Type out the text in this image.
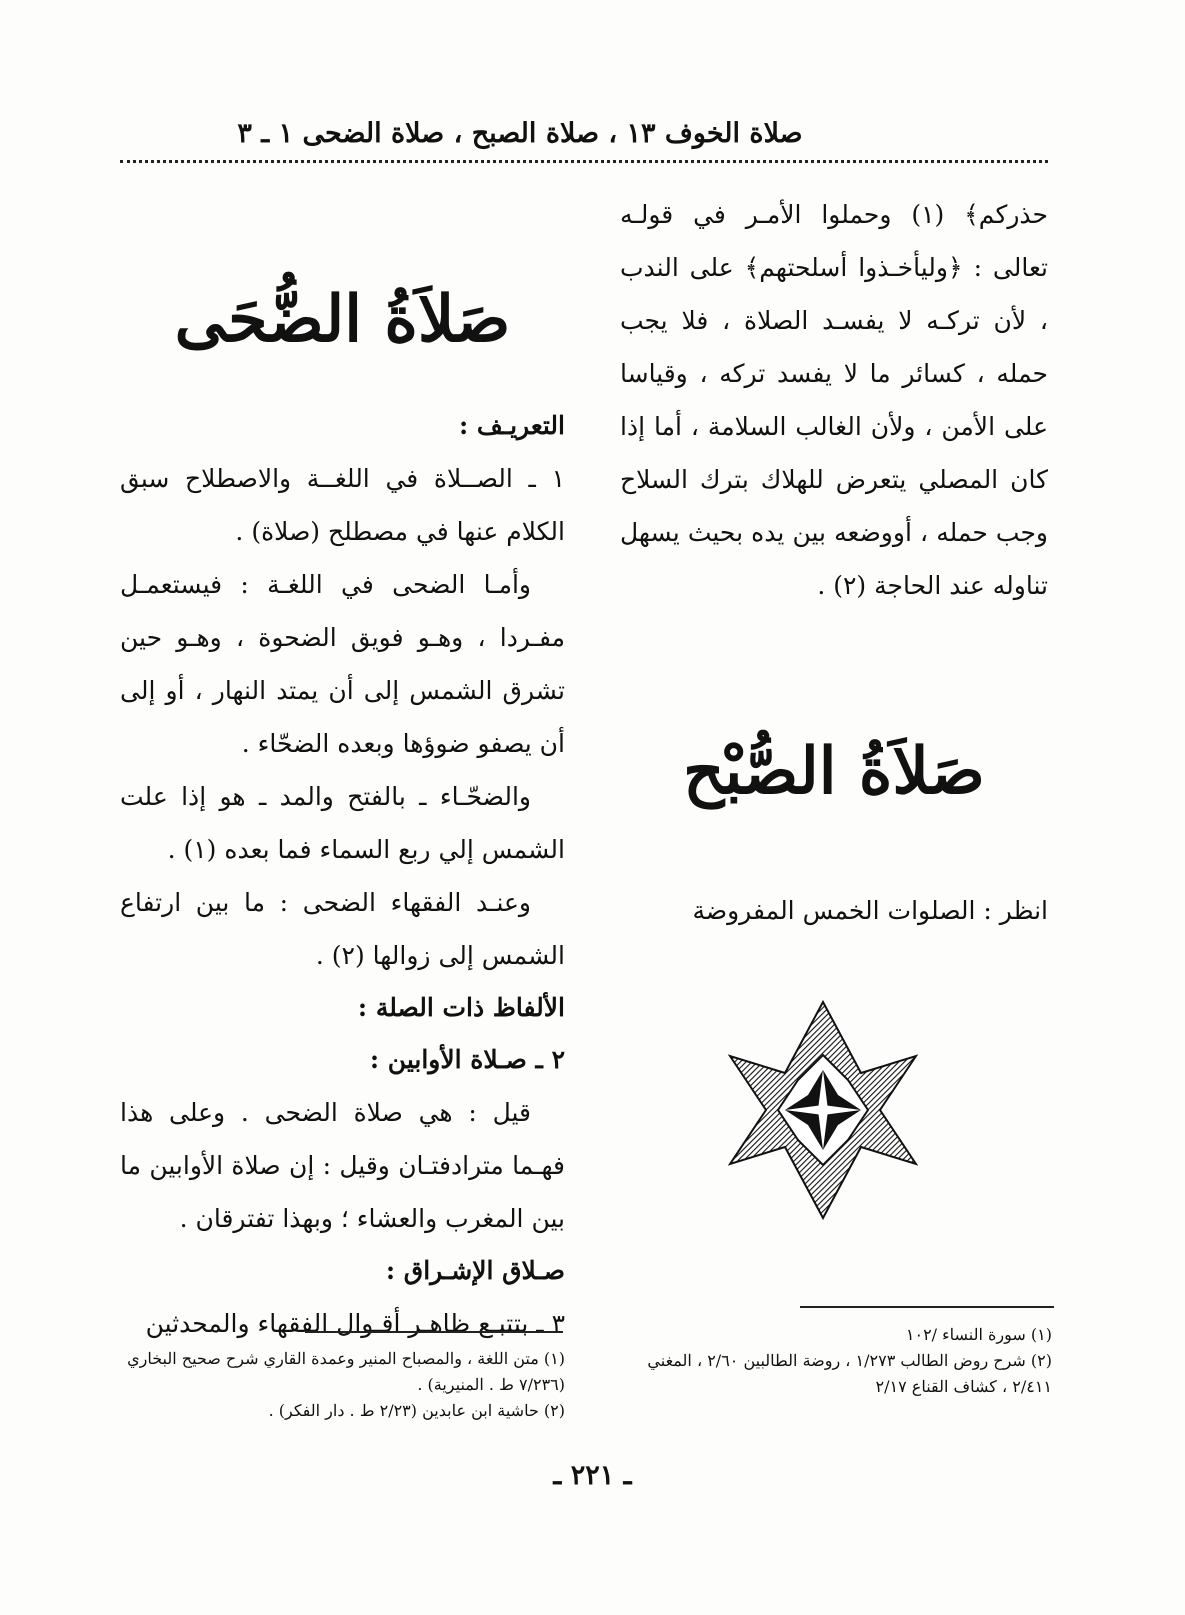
صلاة الخوف ١٣ ، صلاة الصبح ، صلاة الضحى ١ ـ ٣

حذركم﴾ (١) وحملوا الأمـر في قولـه تعالى : ﴿وليأخـذوا أسلحتهم﴾ على الندب ، لأن تركـه لا يفسـد الصلاة ، فلا يجب حمله ، كسائر ما لا يفسد تركه ، وقياسا على الأمن ، ولأن الغالب السلامة ، أما إذا كان المصلي يتعرض للهلاك بترك السلاح وجب حمله ، أووضعه بين يده بحيث يسهل تناوله عند الحاجة (٢) .

صَلاَةُ الصُّبْح

انظر : الصلوات الخمس المفروضة

صَلاَةُ الضُّحَى

التعريـف :

١ ـ الصــلاة في اللغــة والاصطلاح سبق الكلام عنها في مصطلح (صلاة) .

وأمـا الضحى في اللغـة : فيستعمـل مفـردا ، وهـو فويق الضحوة ، وهـو حين تشرق الشمس إلى أن يمتد النهار ، أو إلى أن يصفو ضوؤها وبعده الضحّاء .

والضحّـاء ـ بالفتح والمد ـ هو إذا علت الشمس إلي ربع السماء فما بعده (١) .

وعنـد الفقهاء الضحى : ما بين ارتفاع الشمس إلى زوالها (٢) .

الألفاظ ذات الصلة :

٢ ـ صـلاة الأوابين :

قيل : هي صلاة الضحى . وعلى هذا فهـما مترادفتـان وقيل : إن صلاة الأوابين ما بين المغرب والعشاء ؛ وبهذا تفترقان .

صـلاق الإشـراق :

٣ ـ بتتبـع ظاهـر أقـوال الفقهاء والمحدثين	(١) سورة النساء /١٠٢

(٢) شرح روض الطالب ١/٢٧٣ ، روضة الطالبين ٢/٦٠ ، المغني ٢/٤١١ ، كشاف القناع ٢/١٧

(١) متن اللغة ، والمصباح المنير وعمدة القاري شرح صحيح البخاري (٧/٢٣٦ ط . المنيرية) .

(٢) حاشية ابن عابدين (٢/٢٣ ط . دار الفكر) .

ـ ٢٢١ ـ
